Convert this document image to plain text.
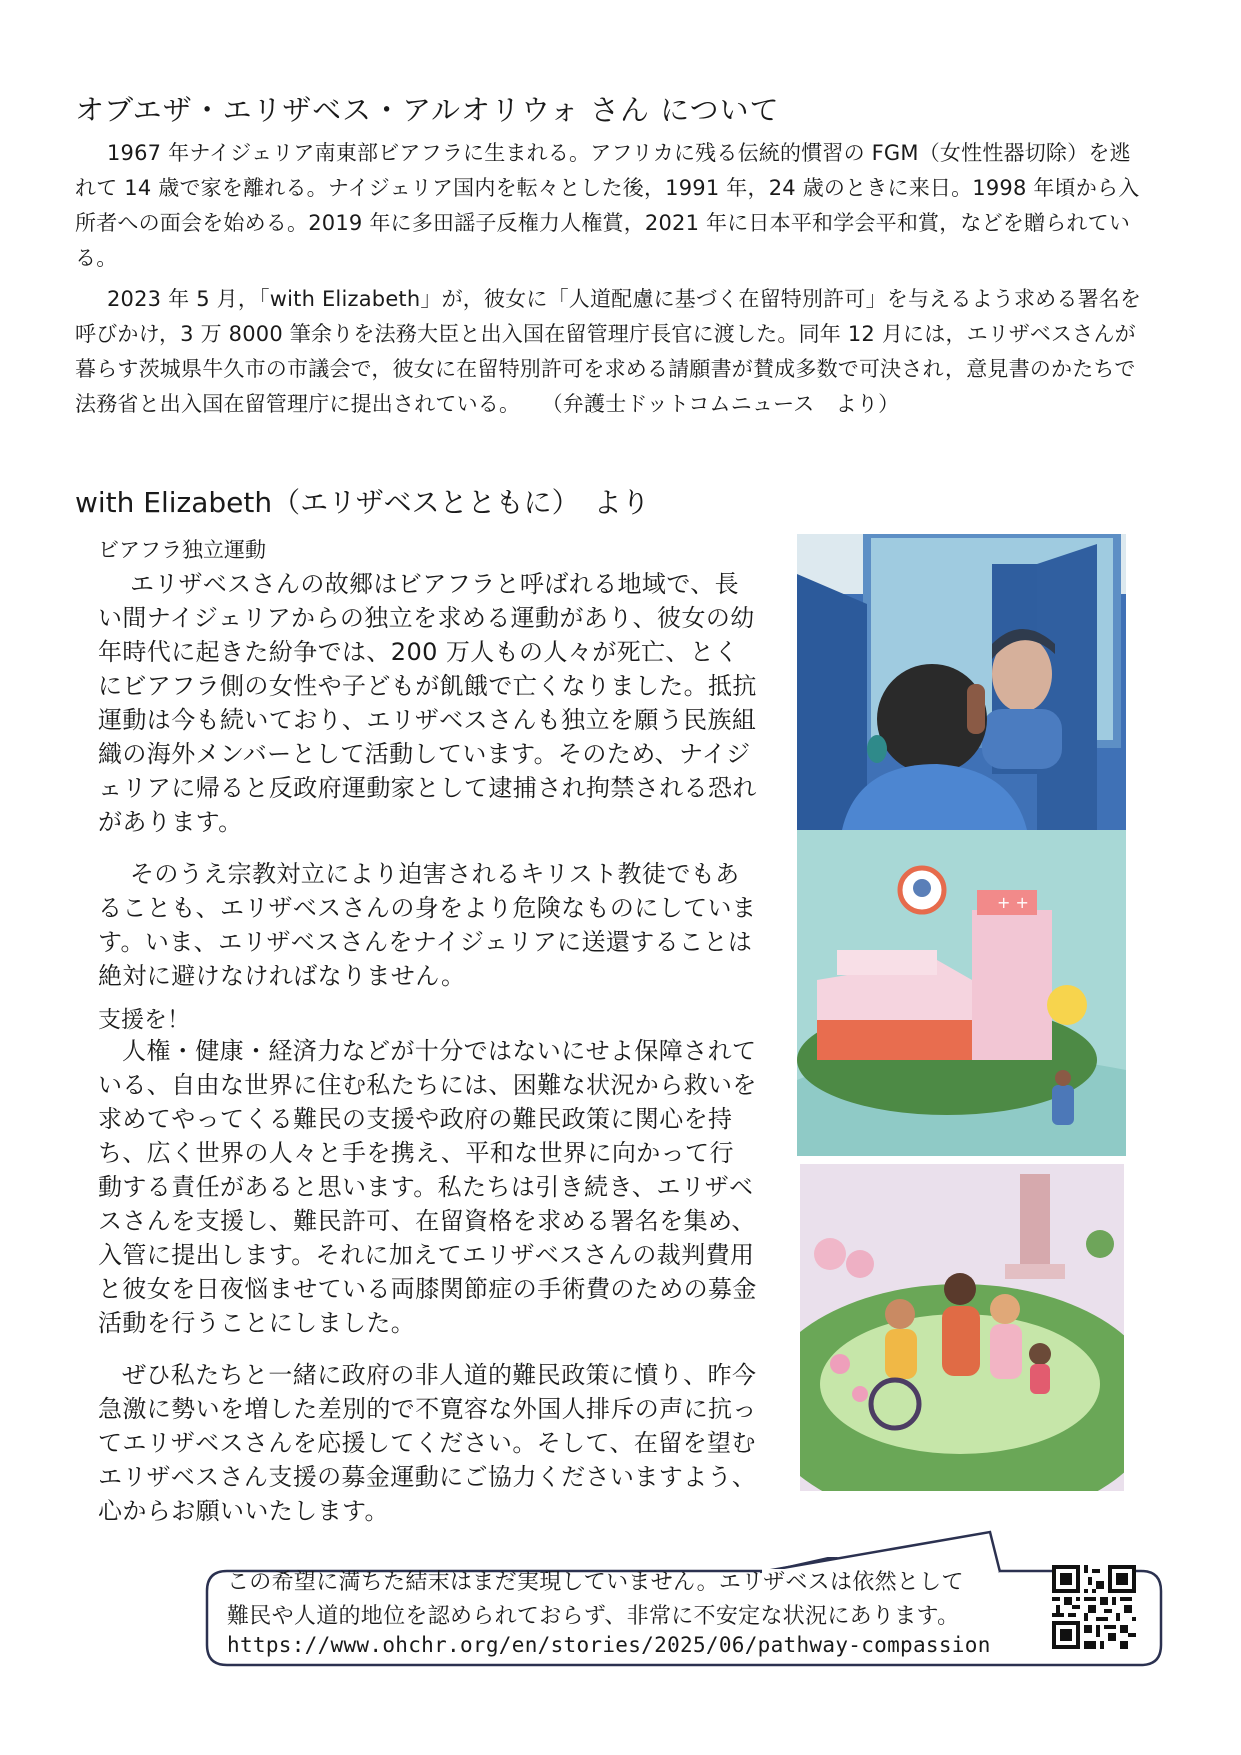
オブエザ・エリザベス・アルオリウォ さん について

1967 年ナイジェリア南東部ビアフラに生まれる。アフリカに残る伝統的慣習の FGM（女性性器切除）を逃れて 14 歳で家を離れる。ナイジェリア国内を転々とした後，1991 年，24 歳のときに来日。1998 年頃から入所者への面会を始める。2019 年に多田謡子反権力人権賞，2021 年に日本平和学会平和賞，などを贈られている。

2023 年 5 月，「with Elizabeth」が，彼女に「人道配慮に基づく在留特別許可」を与えるよう求める署名を呼びかけ，3 万 8000 筆余りを法務大臣と出入国在留管理庁長官に渡した。同年 12 月には，エリザベスさんが暮らす茨城県牛久市の市議会で，彼女に在留特別許可を求める請願書が賛成多数で可決され，意見書のかたちで法務省と出入国在留管理庁に提出されている。　　（弁護士ドットコムニュース　より）

with Elizabeth（エリザベスとともに）　より
ビアフラ独立運動

エリザベスさんの故郷はビアフラと呼ばれる地域で、長い間ナイジェリアからの独立を求める運動があり、彼女の幼年時代に起きた紛争では、200 万人もの人々が死亡、とくにビアフラ側の女性や子どもが飢餓で亡くなりました。抵抗運動は今も続いており、エリザベスさんも独立を願う民族組織の海外メンバーとして活動しています。そのため、ナイジェリアに帰ると反政府運動家として逮捕され拘禁される恐れがあります。

そのうえ宗教対立により迫害されるキリスト教徒でもあることも、エリザベスさんの身をより危険なものにしています。いま、エリザベスさんをナイジェリアに送還することは絶対に避けなければなりません。

支援を！

人権・健康・経済力などが十分ではないにせよ保障されている、自由な世界に住む私たちには、困難な状況から救いを求めてやってくる難民の支援や政府の難民政策に関心を持ち、広く世界の人々と手を携え、平和な世界に向かって行動する責任があると思います。私たちは引き続き、エリザベスさんを支援し、難民許可、在留資格を求める署名を集め、入管に提出します。それに加えてエリザベスさんの裁判費用と彼女を日夜悩ませている両膝関節症の手術費のための募金活動を行うことにしました。

ぜひ私たちと一緒に政府の非人道的難民政策に憤り、昨今急激に勢いを増した差別的で不寛容な外国人排斥の声に抗ってエリザベスさんを応援してください。そして、在留を望むエリザベスさん支援の募金運動にご協力くださいますよう、心からお願いいたします。

+ +
この希望に満ちた結末はまだ実現していません。エリザベスは依然として
難民や人道的地位を認められておらず、非常に不安定な状況にあります。
https://www.ohchr.org/en/stories/2025/06/pathway-compassion
